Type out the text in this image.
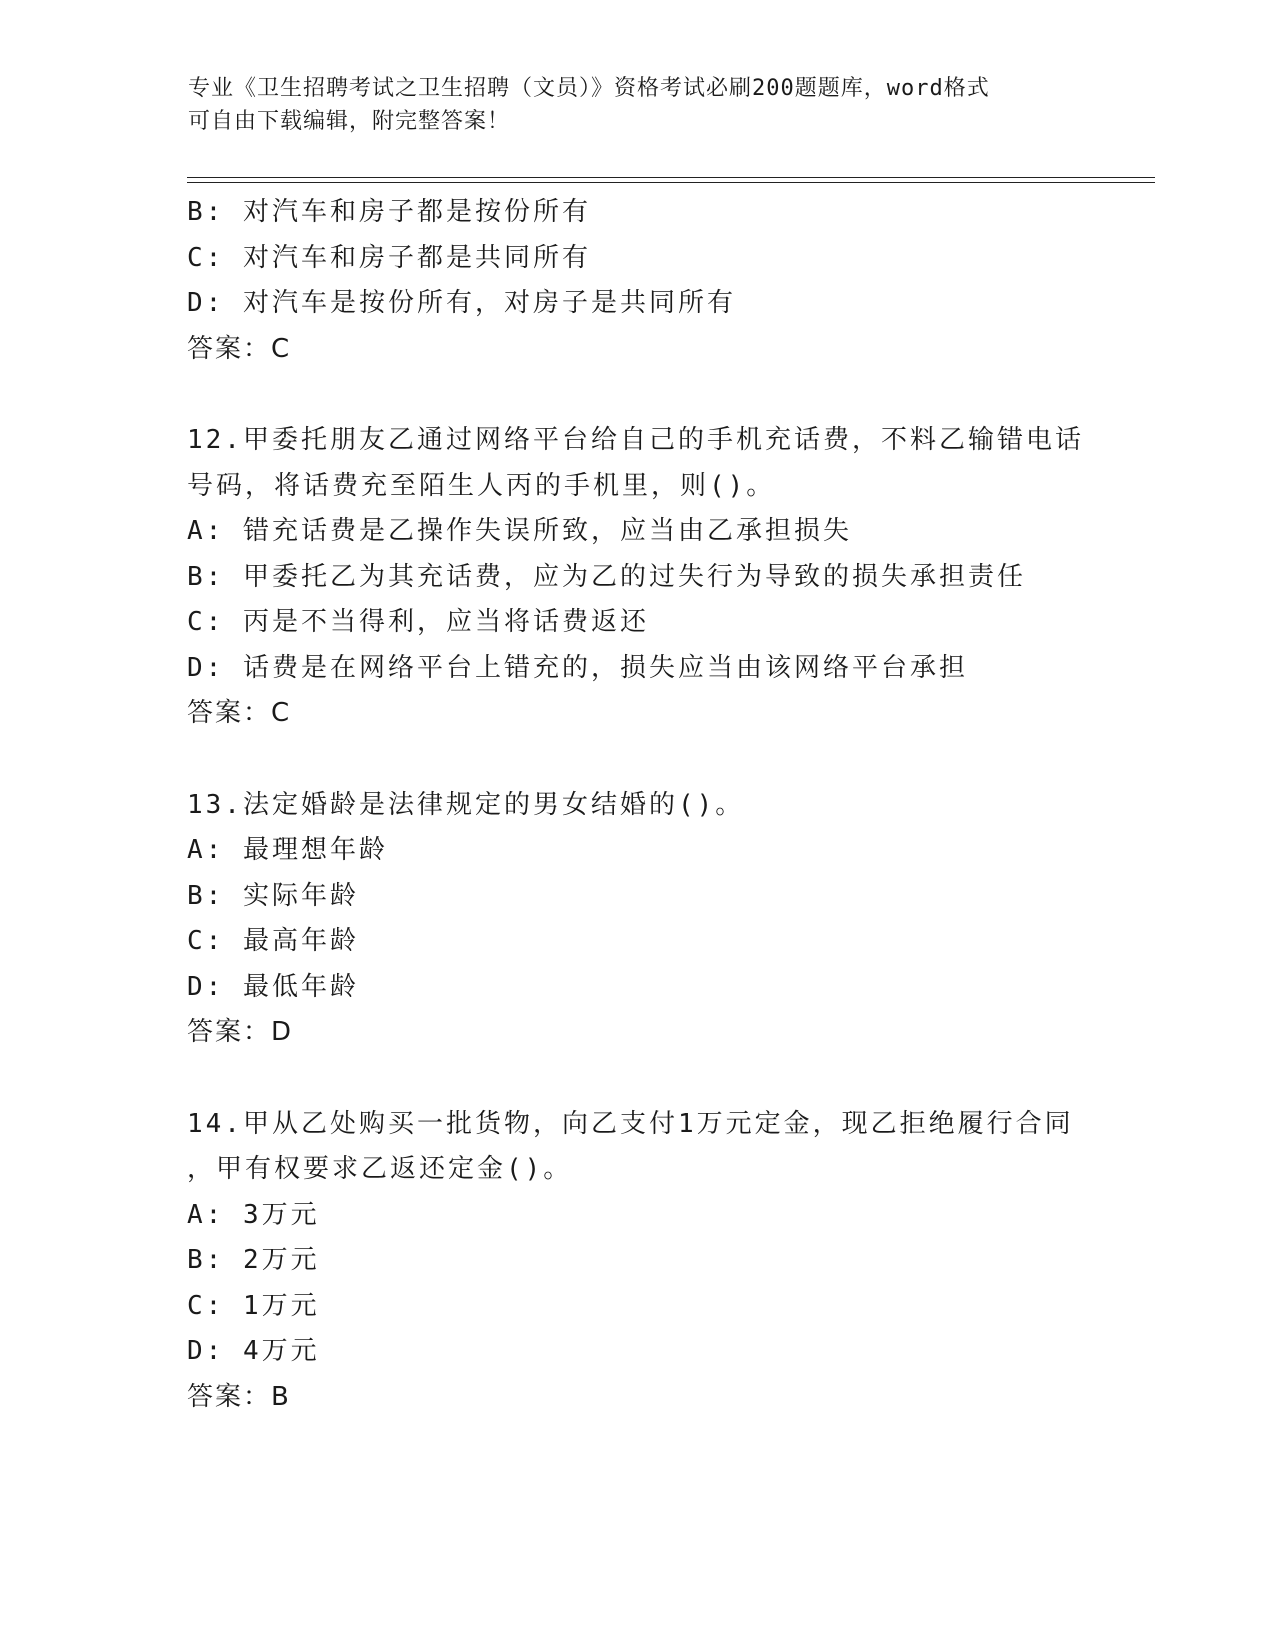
专业《卫生招聘考试之卫生招聘（文员）》资格考试必刷200题题库，word格式
可自由下载编辑，附完整答案！
B: 对汽车和房子都是按份所有
C: 对汽车和房子都是共同所有
D: 对汽车是按份所有，对房子是共同所有
答案：C
12.甲委托朋友乙通过网络平台给自己的手机充话费，不料乙输错电话
号码，将话费充至陌生人丙的手机里，则()。
A: 错充话费是乙操作失误所致，应当由乙承担损失
B: 甲委托乙为其充话费，应为乙的过失行为导致的损失承担责任
C: 丙是不当得利，应当将话费返还
D: 话费是在网络平台上错充的，损失应当由该网络平台承担
答案：C
13.法定婚龄是法律规定的男女结婚的()。
A: 最理想年龄
B: 实际年龄
C: 最高年龄
D: 最低年龄
答案：D
14.甲从乙处购买一批货物，向乙支付1万元定金，现乙拒绝履行合同
，甲有权要求乙返还定金()。
A: 3万元
B: 2万元
C: 1万元
D: 4万元
答案：B
